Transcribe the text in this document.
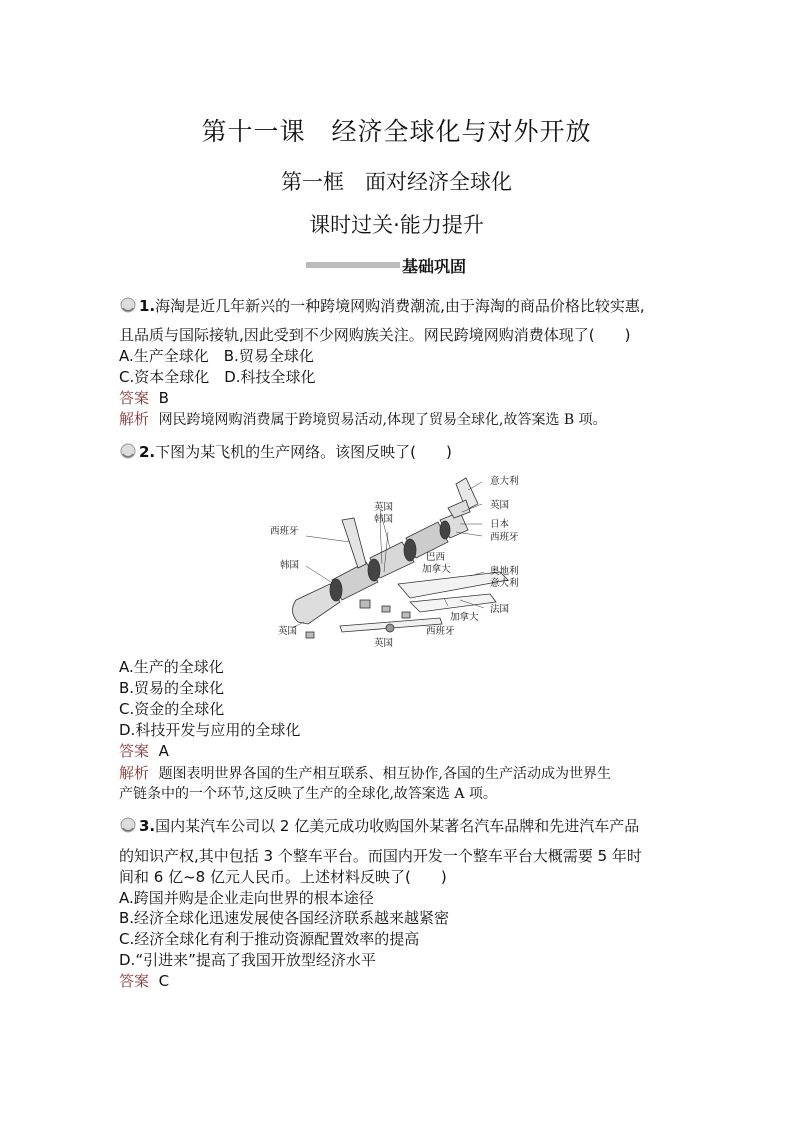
第十一课　经济全球化与对外开放
第一框　面对经济全球化
课时过关·能力提升
基础巩固
1.海淘是近几年新兴的一种跨境网购消费潮流,由于海淘的商品价格比较实惠,
且品质与国际接轨,因此受到不少网购族关注。网民跨境网购消费体现了(　　)
A.生产全球化　B.贸易全球化
C.资本全球化　D.科技全球化
答案 B
解析 网民跨境网购消费属于跨境贸易活动,体现了贸易全球化,故答案选 B 项。
2.下图为某飞机的生产网络。该图反映了(　　)
意大利
英国
日本
西班牙
英国
韩国
西班牙
韩国
巴西
加拿大	奥地利
意大利
法国
加拿大
西班牙
英国
英国
A.生产的全球化
B.贸易的全球化
C.资金的全球化
D.科技开发与应用的全球化
答案 A
解析 题图表明世界各国的生产相互联系、相互协作,各国的生产活动成为世界生
产链条中的一个环节,这反映了生产的全球化,故答案选 A 项。
3.国内某汽车公司以 2 亿美元成功收购国外某著名汽车品牌和先进汽车产品
的知识产权,其中包括 3 个整车平台。而国内开发一个整车平台大概需要 5 年时
间和 6 亿~8 亿元人民币。上述材料反映了(　　)
A.跨国并购是企业走向世界的根本途径
B.经济全球化迅速发展使各国经济联系越来越紧密
C.经济全球化有利于推动资源配置效率的提高
D.“引进来”提高了我国开放型经济水平
答案 C
